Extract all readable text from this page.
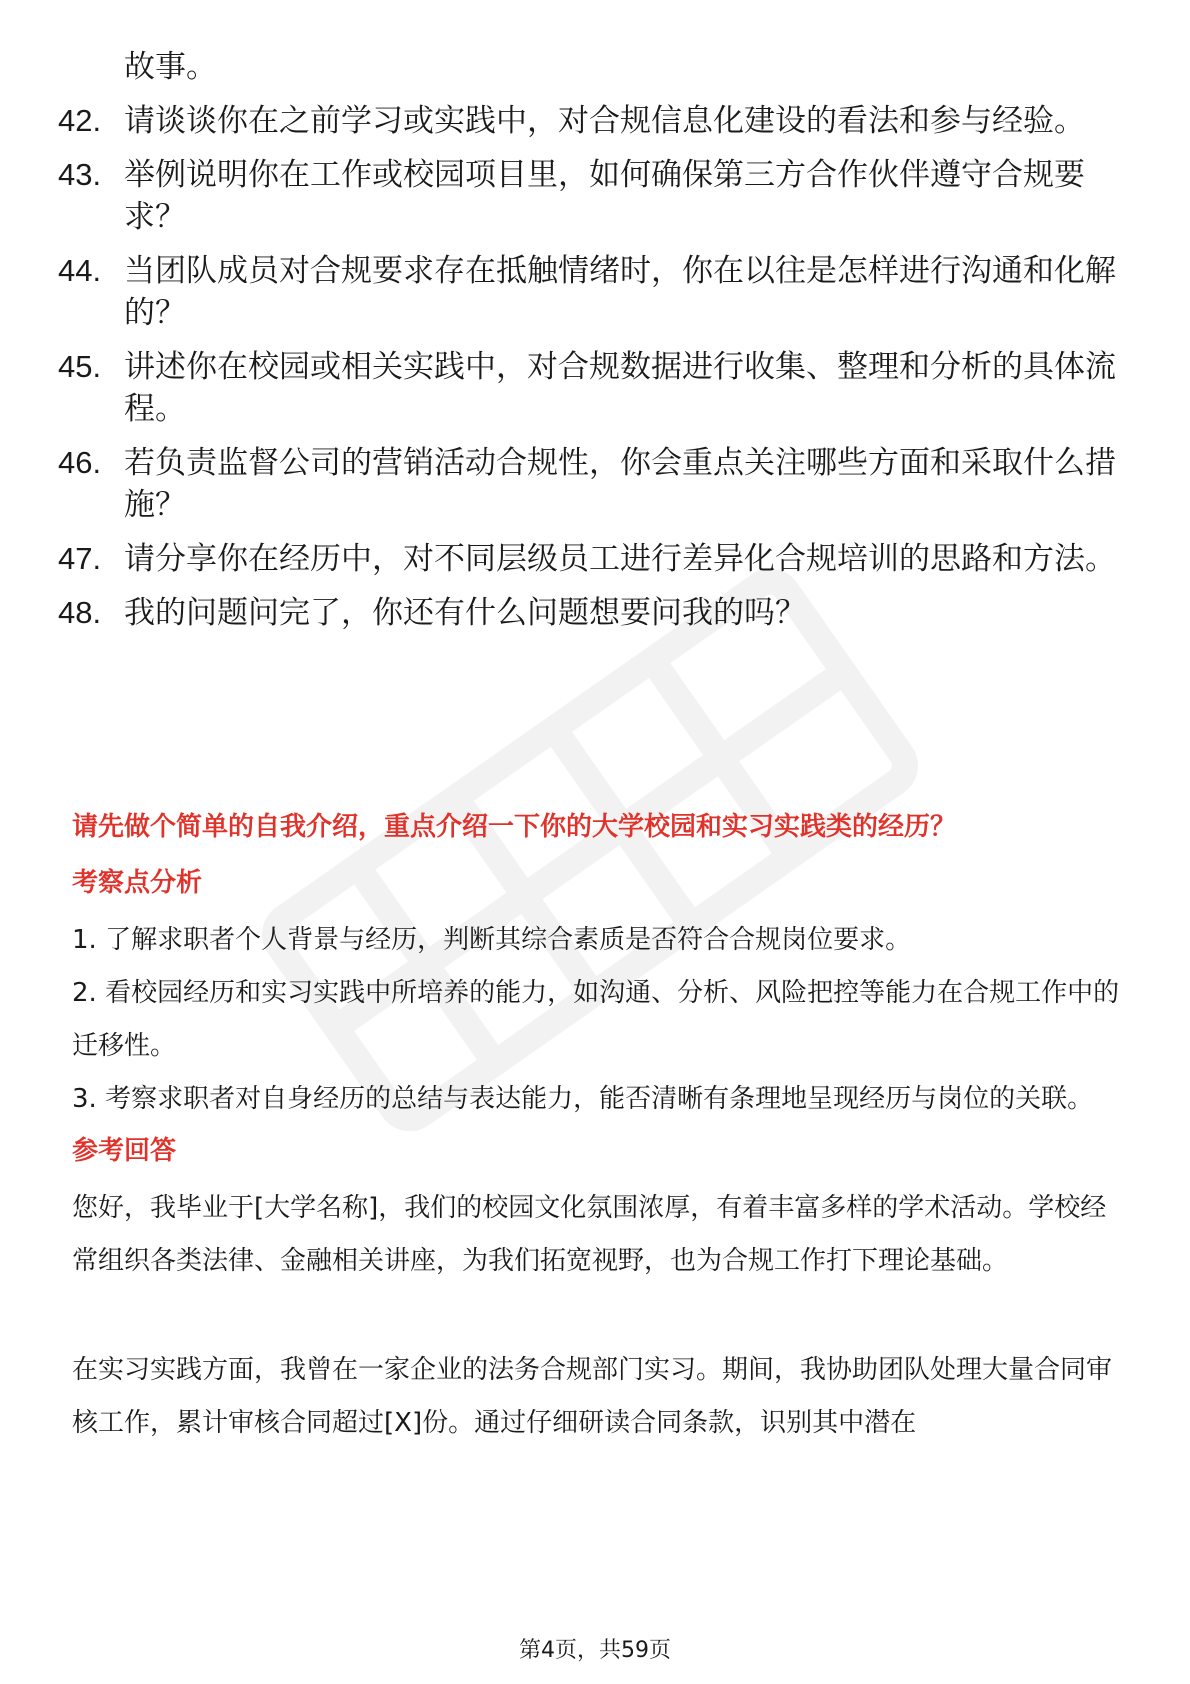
故事。
42. 请谈谈你在之前学习或实践中，对合规信息化建设的看法和参与经验。
43. 举例说明你在工作或校园项目里，如何确保第三方合作伙伴遵守合规要求？
44. 当团队成员对合规要求存在抵触情绪时，你在以往是怎样进行沟通和化解的？
45. 讲述你在校园或相关实践中，对合规数据进行收集、整理和分析的具体流程。
46. 若负责监督公司的营销活动合规性，你会重点关注哪些方面和采取什么措施？
47. 请分享你在经历中，对不同层级员工进行差异化合规培训的思路和方法。
48. 我的问题问完了，你还有什么问题想要问我的吗？
请先做个简单的自我介绍，重点介绍一下你的大学校园和实习实践类的经历？
考察点分析

1. 了解求职者个人背景与经历，判断其综合素质是否符合合规岗位要求。

2. 看校园经历和实习实践中所培养的能力，如沟通、分析、风险把控等能力在合规工作中的迁移性。

3. 考察求职者对自身经历的总结与表达能力，能否清晰有条理地呈现经历与岗位的关联。

参考回答

您好，我毕业于[大学名称]，我们的校园文化氛围浓厚，有着丰富多样的学术活动。学校经常组织各类法律、金融相关讲座，为我们拓宽视野，也为合规工作打下理论基础。

在实习实践方面，我曾在一家企业的法务合规部门实习。期间，我协助团队处理大量合同审核工作，累计审核合同超过[X]份。通过仔细研读合同条款，识别其中潜在

第4页，共59页
